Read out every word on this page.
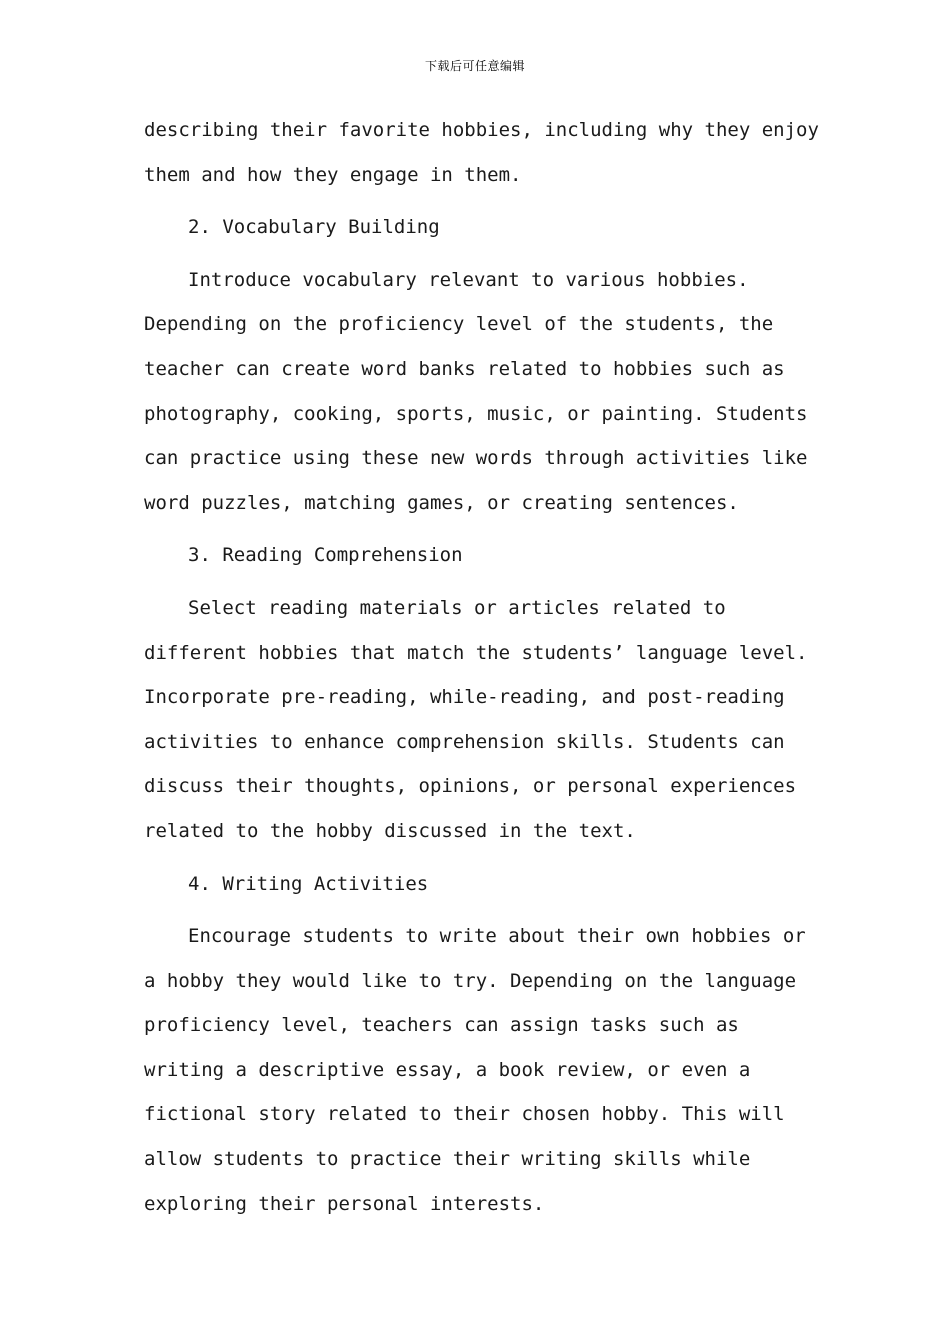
下载后可任意编辑

describing their favorite hobbies, including why they enjoy
them and how they engage in them.

2. Vocabulary Building

Introduce vocabulary relevant to various hobbies.
Depending on the proficiency level of the students, the
teacher can create word banks related to hobbies such as
photography, cooking, sports, music, or painting. Students
can practice using these new words through activities like
word puzzles, matching games, or creating sentences.

3. Reading Comprehension

Select reading materials or articles related to
different hobbies that match the students’ language level.
Incorporate pre-reading, while-reading, and post-reading
activities to enhance comprehension skills. Students can
discuss their thoughts, opinions, or personal experiences
related to the hobby discussed in the text.

4. Writing Activities

Encourage students to write about their own hobbies or
a hobby they would like to try. Depending on the language
proficiency level, teachers can assign tasks such as
writing a descriptive essay, a book review, or even a
fictional story related to their chosen hobby. This will
allow students to practice their writing skills while
exploring their personal interests.
